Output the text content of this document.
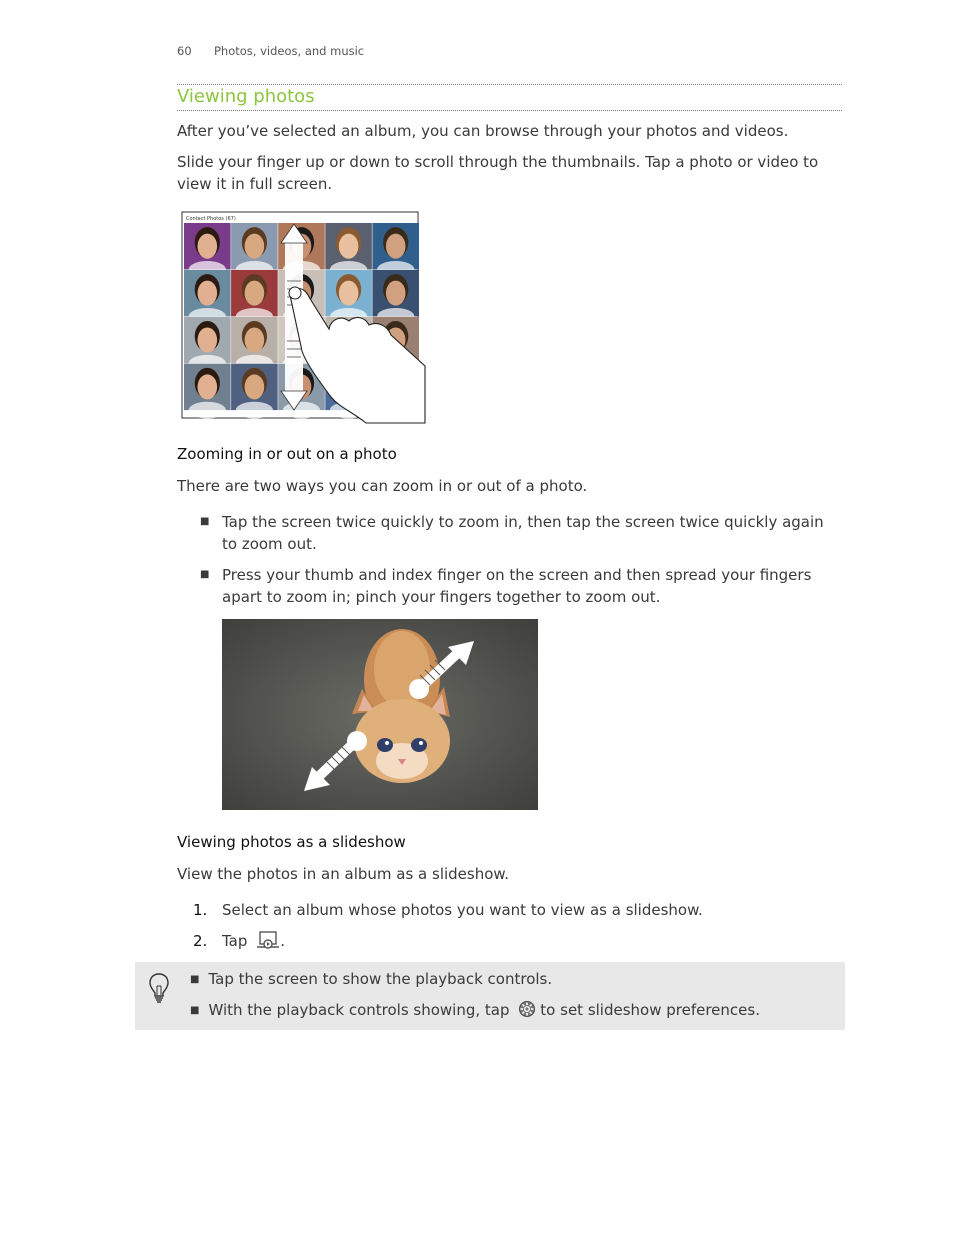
60 Photos, videos, and music
Viewing photos
After you’ve selected an album, you can browse through your photos and videos.
Slide your finger up or down to scroll through the thumbnails. Tap a photo or video to view it in full screen.
Contact Photos (67)
Zooming in or out on a photo
There are two ways you can zoom in or out of a photo.
■ Tap the screen twice quickly to zoom in, then tap the screen twice quickly again to zoom out.
■ Press your thumb and index finger on the screen and then spread your fingers apart to zoom in; pinch your fingers together to zoom out.
Viewing photos as a slideshow
View the photos in an album as a slideshow.
1. Select an album whose photos you want to view as a slideshow.
2. Tap .
■ Tap the screen to show the playback controls.
■ With the playback controls showing, tap to set slideshow preferences.
